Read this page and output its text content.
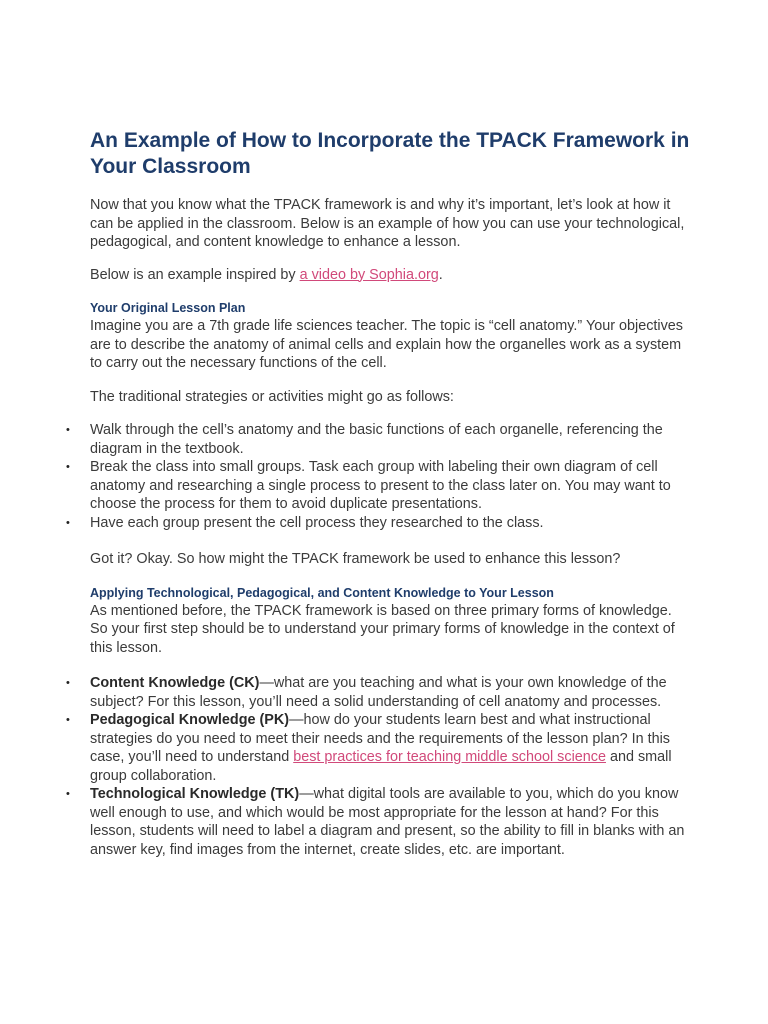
An Example of How to Incorporate the TPACK Framework in Your Classroom

Now that you know what the TPACK framework is and why it’s important, let’s look at how it can be applied in the classroom. Below is an example of how you can use your technological, pedagogical, and content knowledge to enhance a lesson.

Below is an example inspired by a video by Sophia.org.

Your Original Lesson Plan

Imagine you are a 7th grade life sciences teacher. The topic is “cell anatomy.” Your objectives are to describe the anatomy of animal cells and explain how the organelles work as a system to carry out the necessary functions of the cell.

The traditional strategies or activities might go as follows:

• Walk through the cell’s anatomy and the basic functions of each organelle, referencing the diagram in the textbook.
• Break the class into small groups. Task each group with labeling their own diagram of cell anatomy and researching a single process to present to the class later on. You may want to choose the process for them to avoid duplicate presentations.
• Have each group present the cell process they researched to the class.

Got it? Okay. So how might the TPACK framework be used to enhance this lesson?

Applying Technological, Pedagogical, and Content Knowledge to Your Lesson

As mentioned before, the TPACK framework is based on three primary forms of knowledge. So your first step should be to understand your primary forms of knowledge in the context of this lesson.

• Content Knowledge (CK)—what are you teaching and what is your own knowledge of the subject? For this lesson, you’ll need a solid understanding of cell anatomy and processes.
• Pedagogical Knowledge (PK)—how do your students learn best and what instructional strategies do you need to meet their needs and the requirements of the lesson plan? In this case, you’ll need to understand best practices for teaching middle school science and small group collaboration.
• Technological Knowledge (TK)—what digital tools are available to you, which do you know well enough to use, and which would be most appropriate for the lesson at hand? For this lesson, students will need to label a diagram and present, so the ability to fill in blanks with an answer key, find images from the internet, create slides, etc. are important.
